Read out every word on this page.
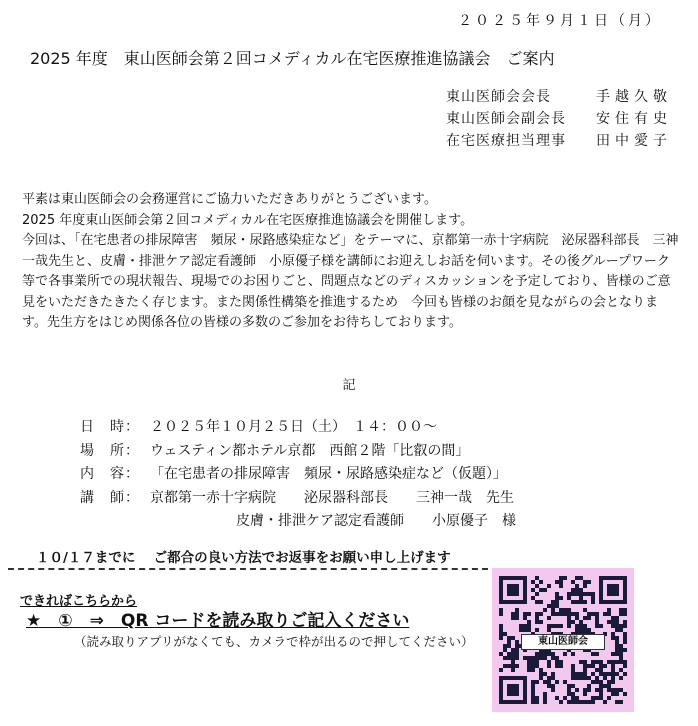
２０２５年９月１日（月）
2025 年度　東山医師会第２回コメディカル在宅医療推進協議会　ご案内
東山医師会会長	手越久敬
東山医師会副会長	安住有史
在宅医療担当理事	田中愛子

平素は東山医師会の会務運営にご協力いただきありがとうございます。

2025 年度東山医師会第２回コメディカル在宅医療推進協議会を開催します。

今回は、「在宅患者の排尿障害　頻尿・尿路感染症など」をテーマに、京都第一赤十字病院　泌尿器科部長　三神一哉先生と、皮膚・排泄ケア認定看護師　小原優子様を講師にお迎えしお話を伺います。その後グループワーク等で各事業所での現状報告、現場でのお困りごと、問題点などのディスカッションを予定しており、皆様のご意見をいただきたきたく存じます。また関係性構築を推進するため　今回も皆様のお顔を見ながらの会となります。先生方をはじめ関係各位の皆様の多数のご参加をお待ちしております。

記
日　時： ２０２５年１０月２５日（土）　１４：００～
場　所： ウェスティン都ホテル京都　西館２階「比叡の間」
内　容： 「在宅患者の排尿障害　頻尿・尿路感染症など（仮題）」
講　師： 京都第一赤十字病院　　泌尿器科部長　　三神一哉　先生
皮膚・排泄ケア認定看護師　　小原優子　様
１０/１７までに　 ご都合の良い方法でお返事をお願い申し上げます
できればこちらから
★　①　⇒　QR コードを読み取りご記入ください
（読み取りアプリがなくても、カメラで枠が出るので押してください）	東山医師会
